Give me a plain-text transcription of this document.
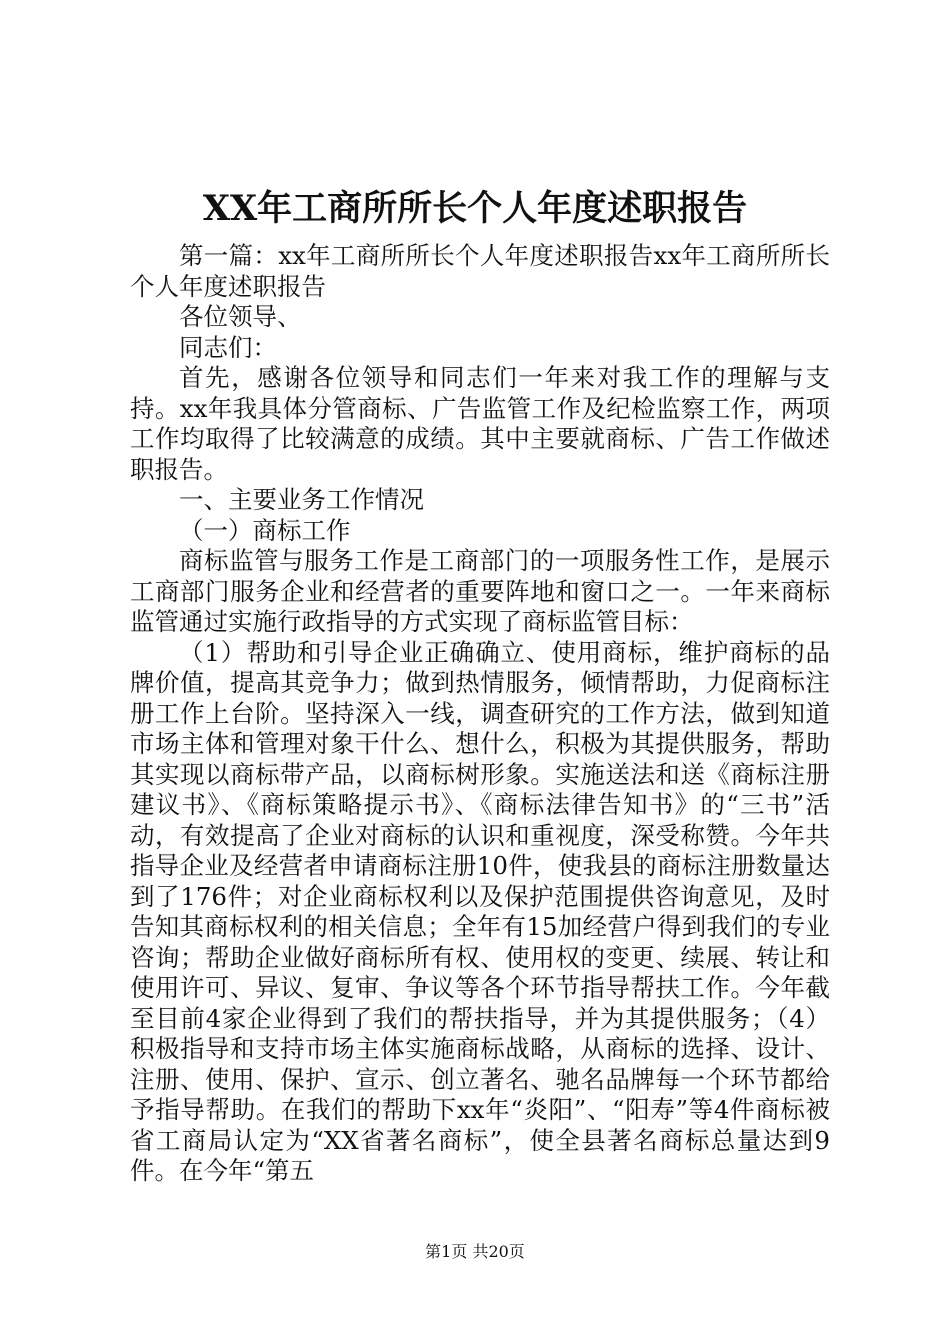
XX年工商所所长个人年度述职报告

第一篇：xx年工商所所长个人年度述职报告xx年工商所所长个人年度述职报告

各位领导、

同志们：

首先，感谢各位领导和同志们一年来对我工作的理解与支持。xx年我具体分管商标、广告监管工作及纪检监察工作，两项工作均取得了比较满意的成绩。其中主要就商标、广告工作做述职报告。

一、主要业务工作情况

（一）商标工作

商标监管与服务工作是工商部门的一项服务性工作，是展示工商部门服务企业和经营者的重要阵地和窗口之一。一年来商标监管通过实施行政指导的方式实现了商标监管目标：

（1）帮助和引导企业正确确立、使用商标，维护商标的品牌价值，提高其竞争力；做到热情服务，倾情帮助，力促商标注册工作上台阶。坚持深入一线，调查研究的工作方法，做到知道市场主体和管理对象干什么、想什么，积极为其提供服务，帮助其实现以商标带产品，以商标树形象。实施送法和送《商标注册建议书》、《商标策略提示书》、《商标法律告知书》的“三书”活动，有效提高了企业对商标的认识和重视度，深受称赞。今年共指导企业及经营者申请商标注册10件，使我县的商标注册数量达到了176件；对企业商标权利以及保护范围提供咨询意见，及时告知其商标权利的相关信息；全年有15加经营户得到我们的专业咨询；帮助企业做好商标所有权、使用权的变更、续展、转让和使用许可、异议、复审、争议等各个环节指导帮扶工作。今年截至目前4家企业得到了我们的帮扶指导，并为其提供服务；（4）积极指导和支持市场主体实施商标战略，从商标的选择、设计、注册、使用、保护、宣示、创立著名、驰名品牌每一个环节都给予指导帮助。在我们的帮助下xx年“炎阳”、“阳寿”等4件商标被省工商局认定为“XX省著名商标”，使全县著名商标总量达到9件。在今年“第五

第1页 共20页
